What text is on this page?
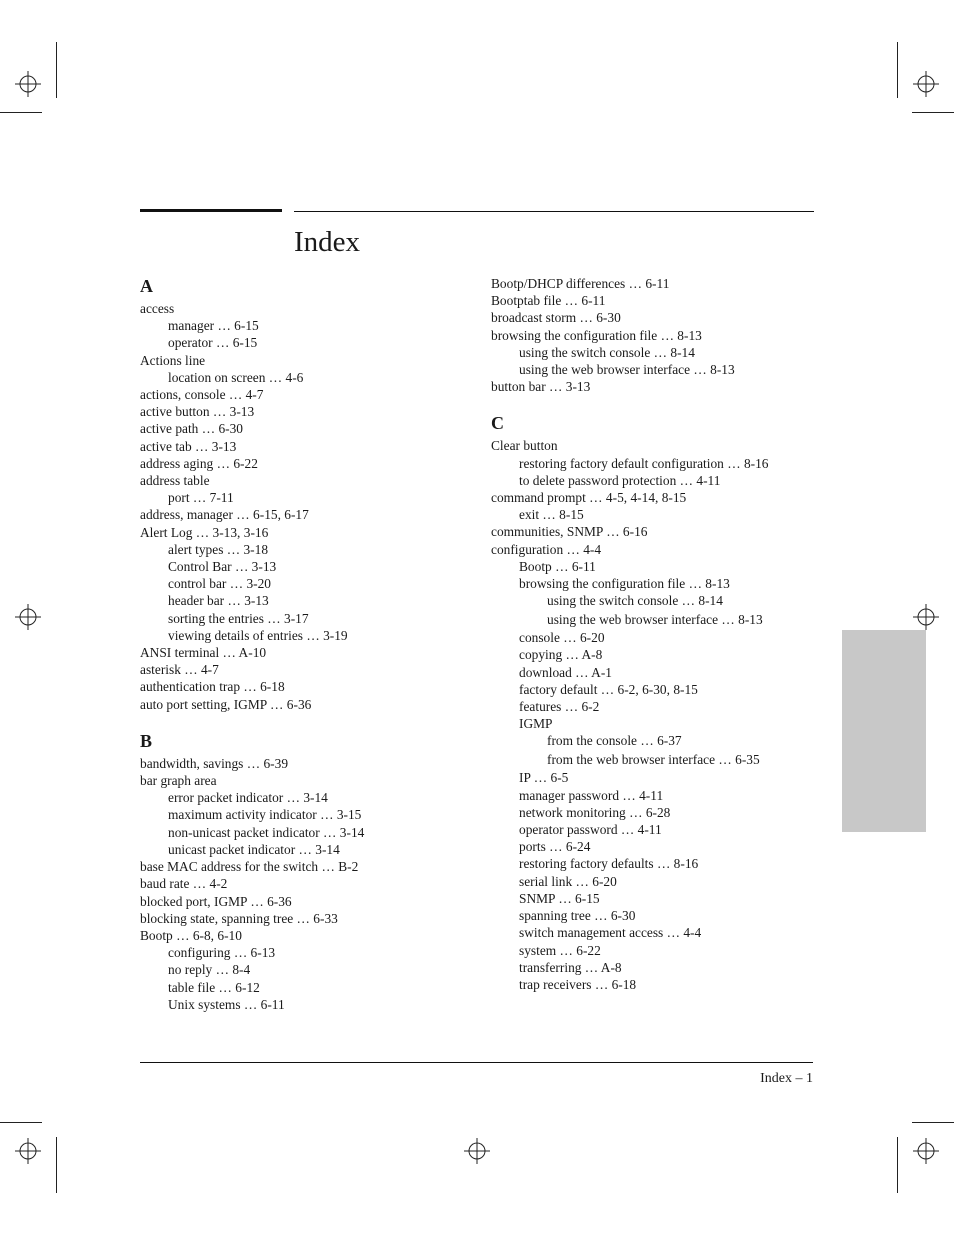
Index
A
access
manager … 6-15
operator … 6-15
Actions line
location on screen … 4-6
actions, console … 4-7
active button … 3-13
active path … 6-30
active tab … 3-13
address aging … 6-22
address table
port … 7-11
address, manager … 6-15, 6-17
Alert Log … 3-13, 3-16
alert types … 3-18
Control Bar … 3-13
control bar … 3-20
header bar … 3-13
sorting the entries … 3-17
viewing details of entries … 3-19
ANSI terminal … A-10
asterisk … 4-7
authentication trap … 6-18
auto port setting, IGMP … 6-36
B
bandwidth, savings … 6-39
bar graph area
error packet indicator … 3-14
maximum activity indicator … 3-15
non-unicast packet indicator … 3-14
unicast packet indicator … 3-14
base MAC address for the switch … B-2
baud rate … 4-2
blocked port, IGMP … 6-36
blocking state, spanning tree … 6-33
Bootp … 6-8, 6-10
configuring … 6-13
no reply … 8-4
table file … 6-12
Unix systems … 6-11
Bootp/DHCP differences … 6-11
Bootptab file … 6-11
broadcast storm … 6-30
browsing the configuration file … 8-13
using the switch console … 8-14
using the web browser interface … 8-13
button bar … 3-13
C
Clear button
restoring factory default configuration … 8-16
to delete password protection … 4-11
command prompt … 4-5, 4-14, 8-15
exit … 8-15
communities, SNMP … 6-16
configuration … 4-4
Bootp … 6-11
browsing the configuration file … 8-13
using the switch console … 8-14
using the web browser interface … 8-13
console … 6-20
copying … A-8
download … A-1
factory default … 6-2, 6-30, 8-15
features … 6-2
IGMP
from the console … 6-37
from the web browser interface … 6-35
IP … 6-5
manager password … 4-11
network monitoring … 6-28
operator password … 4-11
ports … 6-24
restoring factory defaults … 8-16
serial link … 6-20
SNMP … 6-15
spanning tree … 6-30
switch management access … 4-4
system … 6-22
transferring … A-8
trap receivers … 6-18
Index – 1
